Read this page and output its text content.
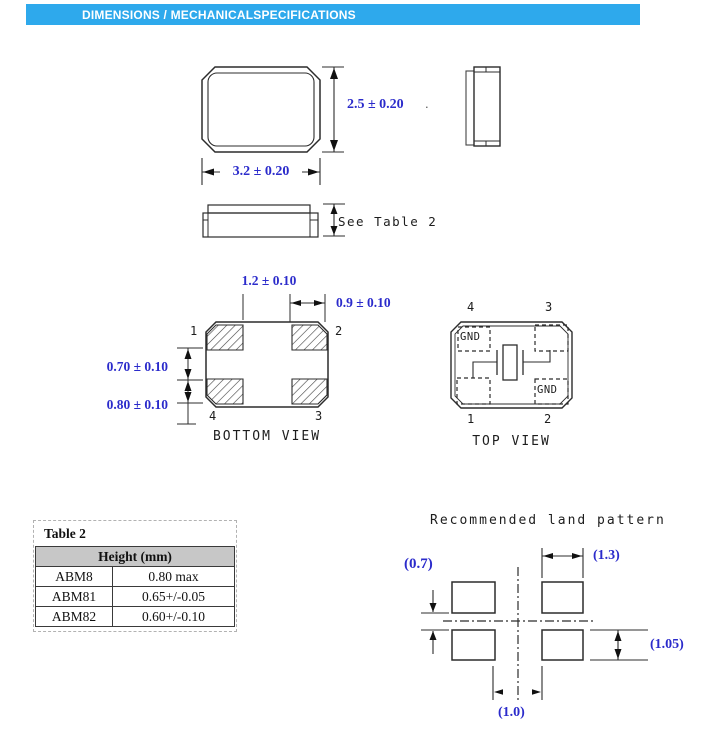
DIMENSIONS / MECHANICALSPECIFICATIONS
2.5 ± 0.20 .
3.2 ± 0.20
See Table 2
1.2 ± 0.10
0.9 ± 0.10
0.70 ± 0.10
0.80 ± 0.10
1	2
4	3
BOTTOM VIEW
4	3
1	2
GND
GND
TOP VIEW
Table 2
Height (mm)	
ABM8	0.80 max
ABM81	0.65+/-0.05
ABM82	0.60+/-0.10
Recommended land pattern
(0.7)
(1.3)
(1.05)
(1.0)
